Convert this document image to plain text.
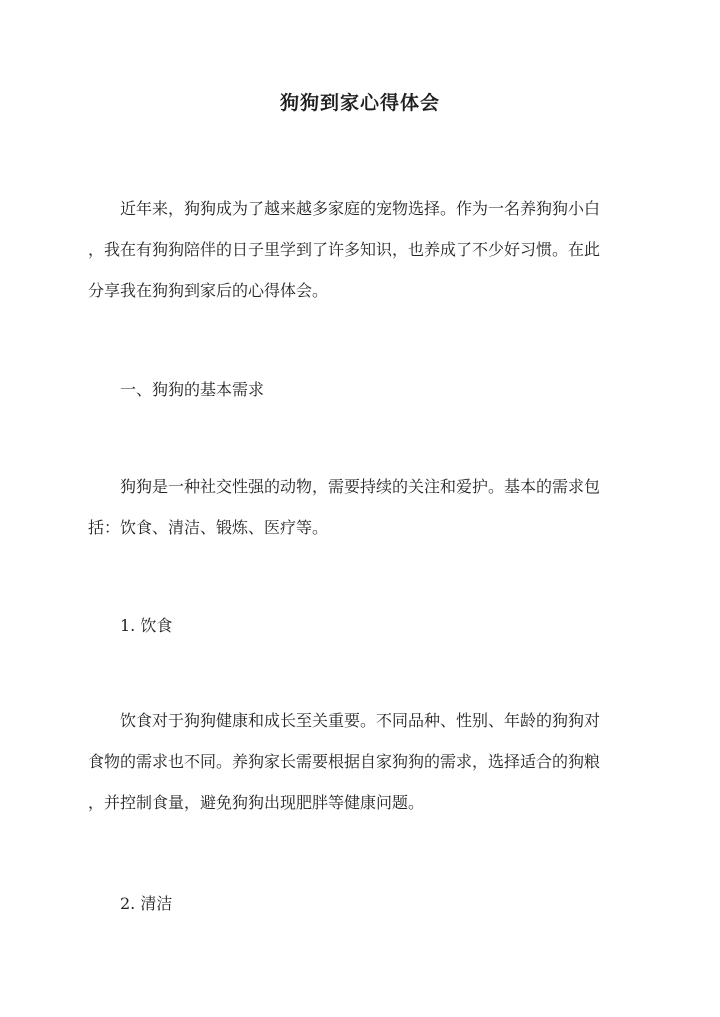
狗狗到家心得体会
近年来，狗狗成为了越来越多家庭的宠物选择。作为一名养狗狗小白
，我在有狗狗陪伴的日子里学到了许多知识，也养成了不少好习惯。在此
分享我在狗狗到家后的心得体会。

一、狗狗的基本需求

狗狗是一种社交性强的动物，需要持续的关注和爱护。基本的需求包
括：饮食、清洁、锻炼、医疗等。

1. 饮食

饮食对于狗狗健康和成长至关重要。不同品种、性别、年龄的狗狗对
食物的需求也不同。养狗家长需要根据自家狗狗的需求，选择适合的狗粮
，并控制食量，避免狗狗出现肥胖等健康问题。

2. 清洁
